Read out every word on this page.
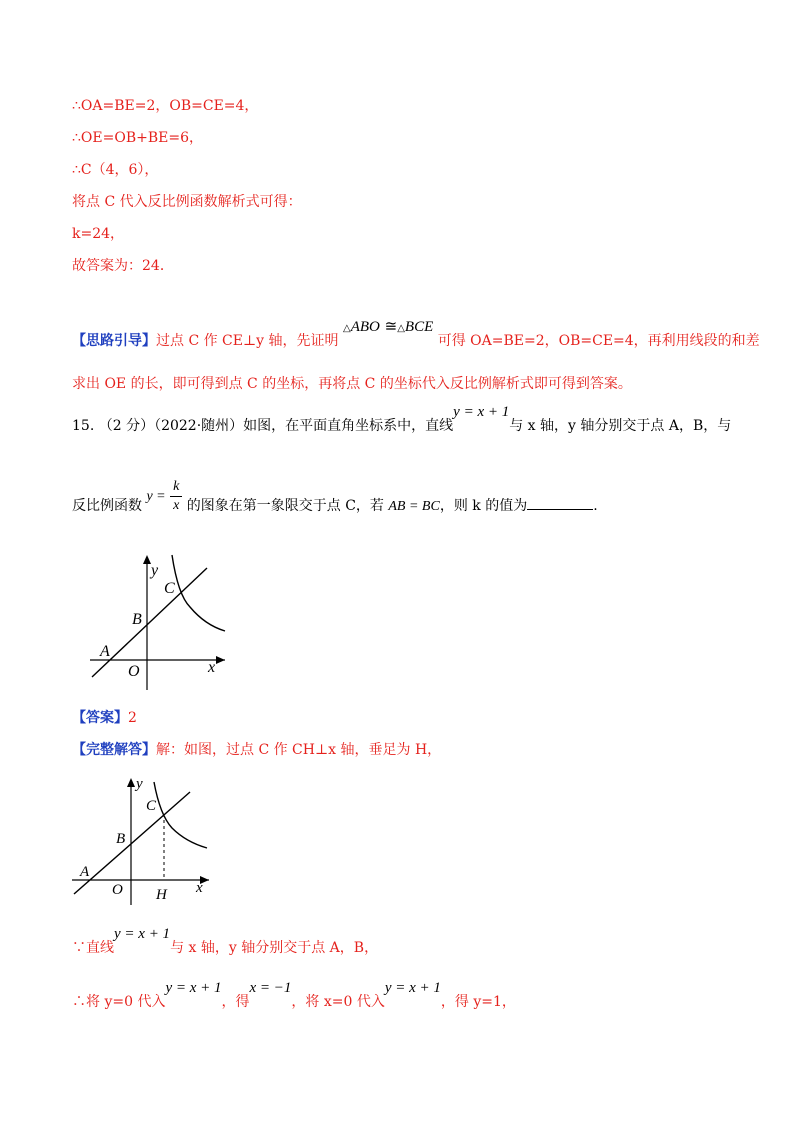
∴OA=BE=2，OB=CE=4，
∴OE=OB+BE=6，
∴C（4，6），
将点 C 代入反比例函数解析式可得：
k=24，
故答案为：24．
【思路引导】过点 C 作 CE⊥y 轴，先证明 △ABO ≅△BCE 可得 OA=BE=2，OB=CE=4，再利用线段的和差
求出 OE 的长，即可得到点 C 的坐标，再将点 C 的坐标代入反比例解析式即可得到答案。
15. （2 分）（2022·随州）如图，在平面直角坐标系中，直线y = x + 1与 x 轴，y 轴分别交于点 A，B，与
反比例函数 $y = \frac{k}{x}$ 的图象在第一象限交于点 C，若 AB = BC，则 k 的值为	.
y
x
O
A
B
C
【答案】2
【完整解答】解：如图，过点 C 作 CH⊥x 轴，垂足为 H，
y
x
O
A
B
C
H
∵直线y = x + 1与 x 轴，y 轴分别交于点 A，B，
∴将 y=0 代入y = x + 1，得x = −1，将 x=0 代入y = x + 1，得 y=1，
